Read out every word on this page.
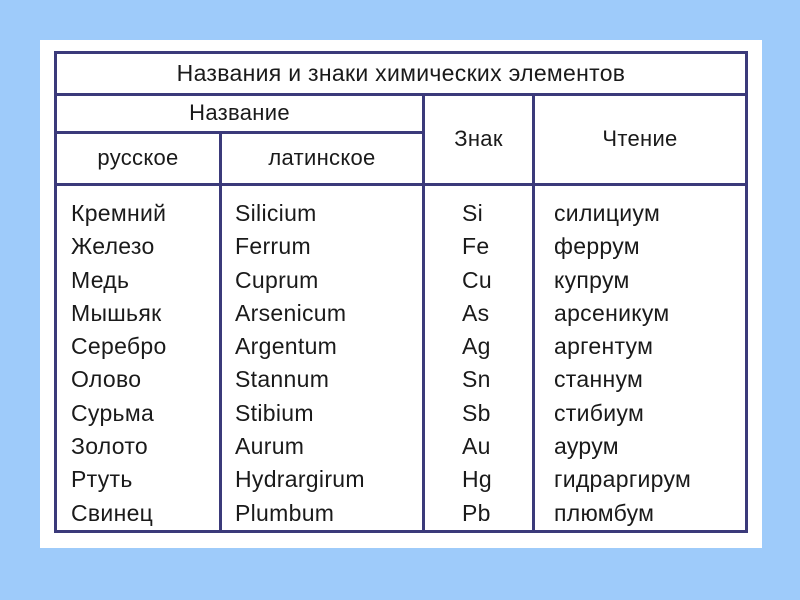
Названия и знаки химических элементов
Название
русское	латинское
Знак	Чтение
Кремний
Железо
Медь
Мышьяк
Серебро
Олово
Сурьма
Золото
Ртуть
Свинец
Silicium
Ferrum
Cuprum
Arsenicum
Argentum
Stannum
Stibium
Aurum
Hydrargirum
Plumbum
Si
Fe
Cu
As
Ag
Sn
Sb
Au
Hg
Pb
силициум
феррум
купрум
арсеникум
аргентум
станнум
стибиум
аурум
гидраргирум
плюмбум
